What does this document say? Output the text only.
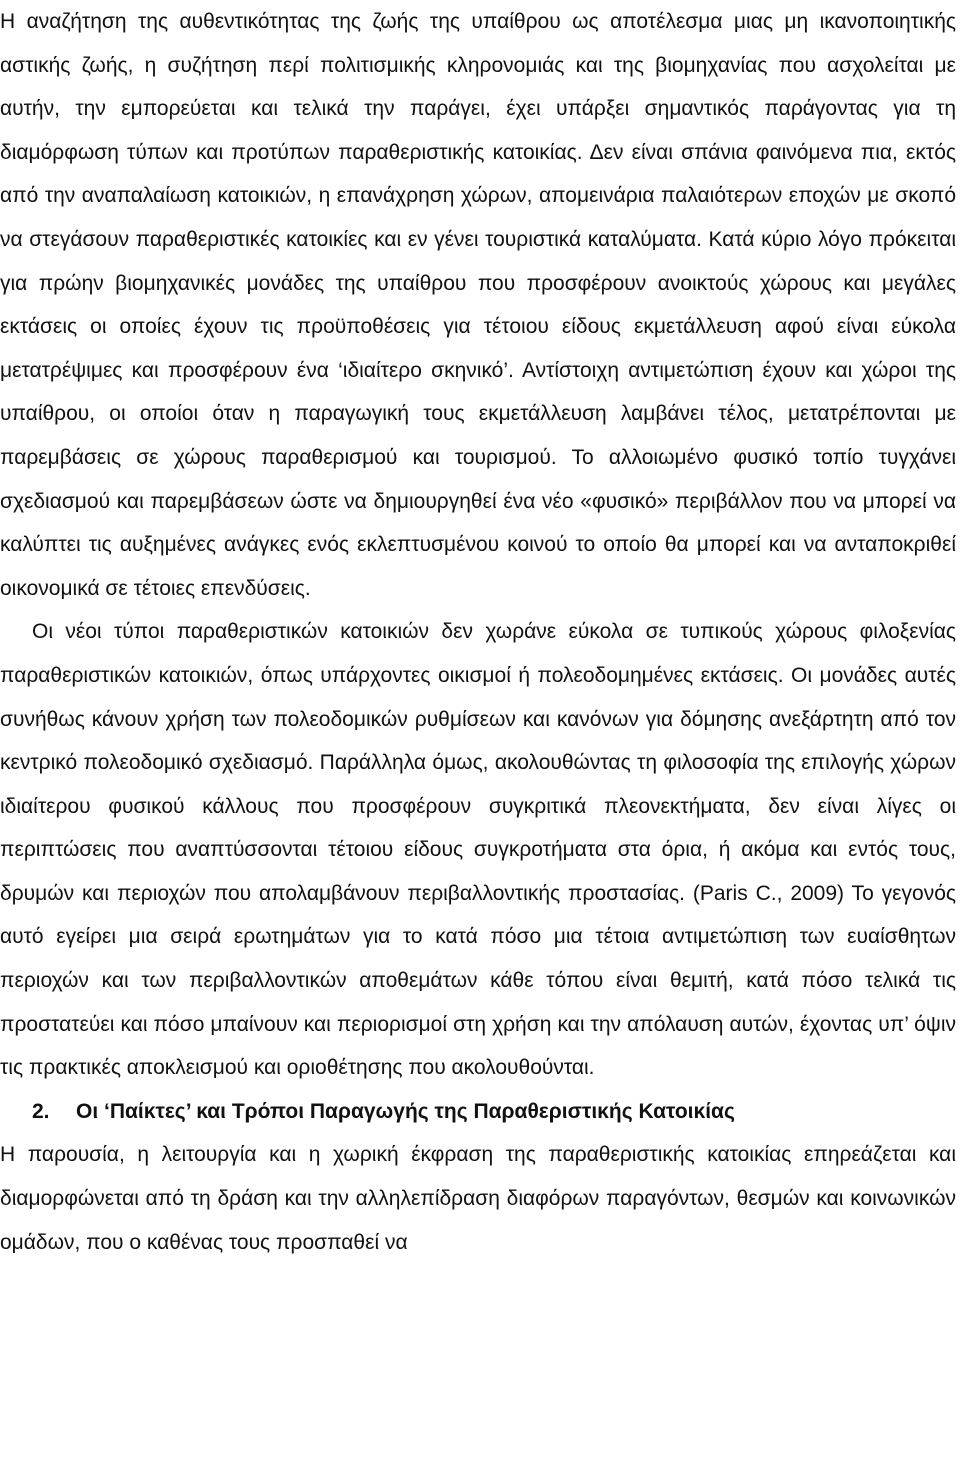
Η αναζήτηση της αυθεντικότητας της ζωής της υπαίθρου ως αποτέλεσμα μιας μη ικανοποιητικής αστικής ζωής, η συζήτηση περί πολιτισμικής κληρονομιάς και της βιομηχανίας που ασχολείται με αυτήν, την εμπορεύεται και τελικά την παράγει, έχει υπάρξει σημαντικός παράγοντας για τη διαμόρφωση τύπων και προτύπων παραθεριστικής κατοικίας. Δεν είναι σπάνια φαινόμενα πια, εκτός από την αναπαλαίωση κατοικιών, η επανάχρηση χώρων, απομεινάρια παλαιότερων εποχών με σκοπό να στεγάσουν παραθεριστικές κατοικίες και εν γένει τουριστικά καταλύματα. Κατά κύριο λόγο πρόκειται για πρώην βιομηχανικές μονάδες της υπαίθρου που προσφέρουν ανοικτούς χώρους και μεγάλες εκτάσεις οι οποίες έχουν τις προϋποθέσεις για τέτοιου είδους εκμετάλλευση αφού είναι εύκολα μετατρέψιμες και προσφέρουν ένα ‘ιδιαίτερο σκηνικό’. Αντίστοιχη αντιμετώπιση έχουν και χώροι της υπαίθρου, οι οποίοι όταν η παραγωγική τους εκμετάλλευση λαμβάνει τέλος, μετατρέπονται με παρεμβάσεις σε χώρους παραθερισμού και τουρισμού. Το αλλοιωμένο φυσικό τοπίο τυγχάνει σχεδιασμού και παρεμβάσεων ώστε να δημιουργηθεί ένα νέο «φυσικό» περιβάλλον που να μπορεί να καλύπτει τις αυξημένες ανάγκες ενός εκλεπτυσμένου κοινού το οποίο θα μπορεί και να ανταποκριθεί οικονομικά σε τέτοιες επενδύσεις.

Οι νέοι τύποι παραθεριστικών κατοικιών δεν χωράνε εύκολα σε τυπικούς χώρους φιλοξενίας παραθεριστικών κατοικιών, όπως υπάρχοντες οικισμοί ή πολεοδομημένες εκτάσεις. Οι μονάδες αυτές συνήθως κάνουν χρήση των πολεοδομικών ρυθμίσεων και κανόνων για δόμησης ανεξάρτητη από τον κεντρικό πολεοδομικό σχεδιασμό. Παράλληλα όμως, ακολουθώντας τη φιλοσοφία της επιλογής χώρων ιδιαίτερου φυσικού κάλλους που προσφέρουν συγκριτικά πλεονεκτήματα, δεν είναι λίγες οι περιπτώσεις που αναπτύσσονται τέτοιου είδους συγκροτήματα στα όρια, ή ακόμα και εντός τους, δρυμών και περιοχών που απολαμβάνουν περιβαλλοντικής προστασίας. (Paris C., 2009) Το γεγονός αυτό εγείρει μια σειρά ερωτημάτων για το κατά πόσο μια τέτοια αντιμετώπιση των ευαίσθητων περιοχών και των περιβαλλοντικών αποθεμάτων κάθε τόπου είναι θεμιτή, κατά πόσο τελικά τις προστατεύει και πόσο μπαίνουν και περιορισμοί στη χρήση και την απόλαυση αυτών, έχοντας υπ’ όψιν τις πρακτικές αποκλεισμού και οριοθέτησης που ακολουθούνται.

2. Οι ‘Παίκτες’ και Τρόποι Παραγωγής της Παραθεριστικής Κατοικίας

Η παρουσία, η λειτουργία και η χωρική έκφραση της παραθεριστικής κατοικίας επηρεάζεται και διαμορφώνεται από τη δράση και την αλληλεπίδραση διαφόρων παραγόντων, θεσμών και κοινωνικών ομάδων, που ο καθένας τους προσπαθεί να
